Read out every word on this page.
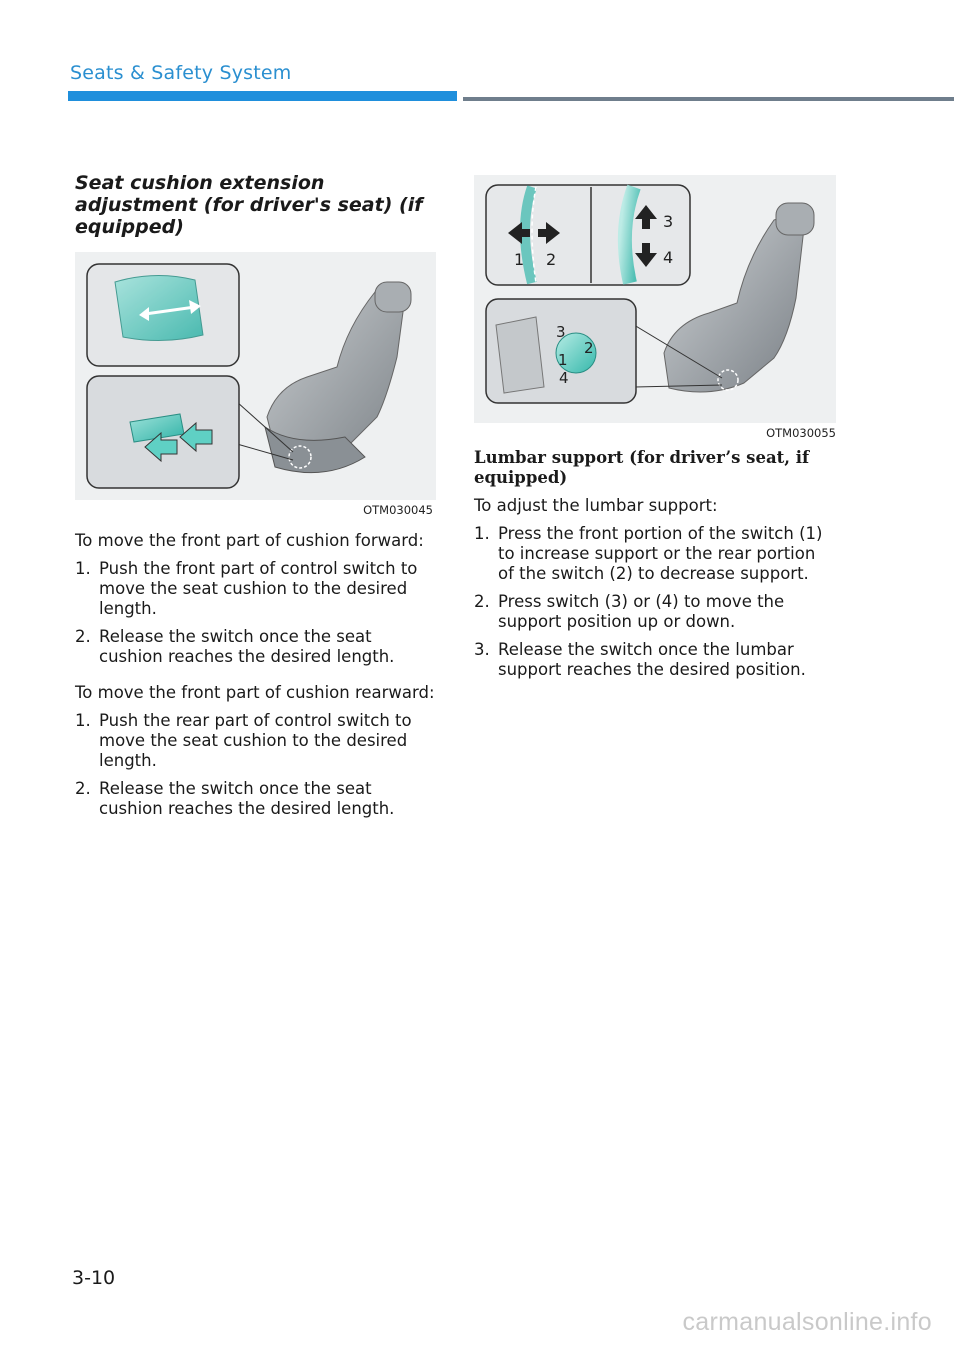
Seats & Safety System
Seat cushion extension adjustment (for driver's seat) (if equipped)
OTM030045

To move the front part of cushion forward:

1. Push the front part of control switch to move the seat cushion to the desired length.
2. Release the switch once the seat cushion reaches the desired length.

To move the front part of cushion rearward:

1. Push the rear part of control switch to move the seat cushion to the desired length.
2. Release the switch once the seat cushion reaches the desired length.
1 2
3
4
1
2
3
4
OTM030055
Lumbar support (for driver’s seat, if equipped)

To adjust the lumbar support:

1. Press the front portion of the switch (1) to increase support or the rear portion of the switch (2) to decrease support.
2. Press switch (3) or (4) to move the support position up or down.
3. Release the switch once the lumbar support reaches the desired position.
3-10
carmanualsonline.info
